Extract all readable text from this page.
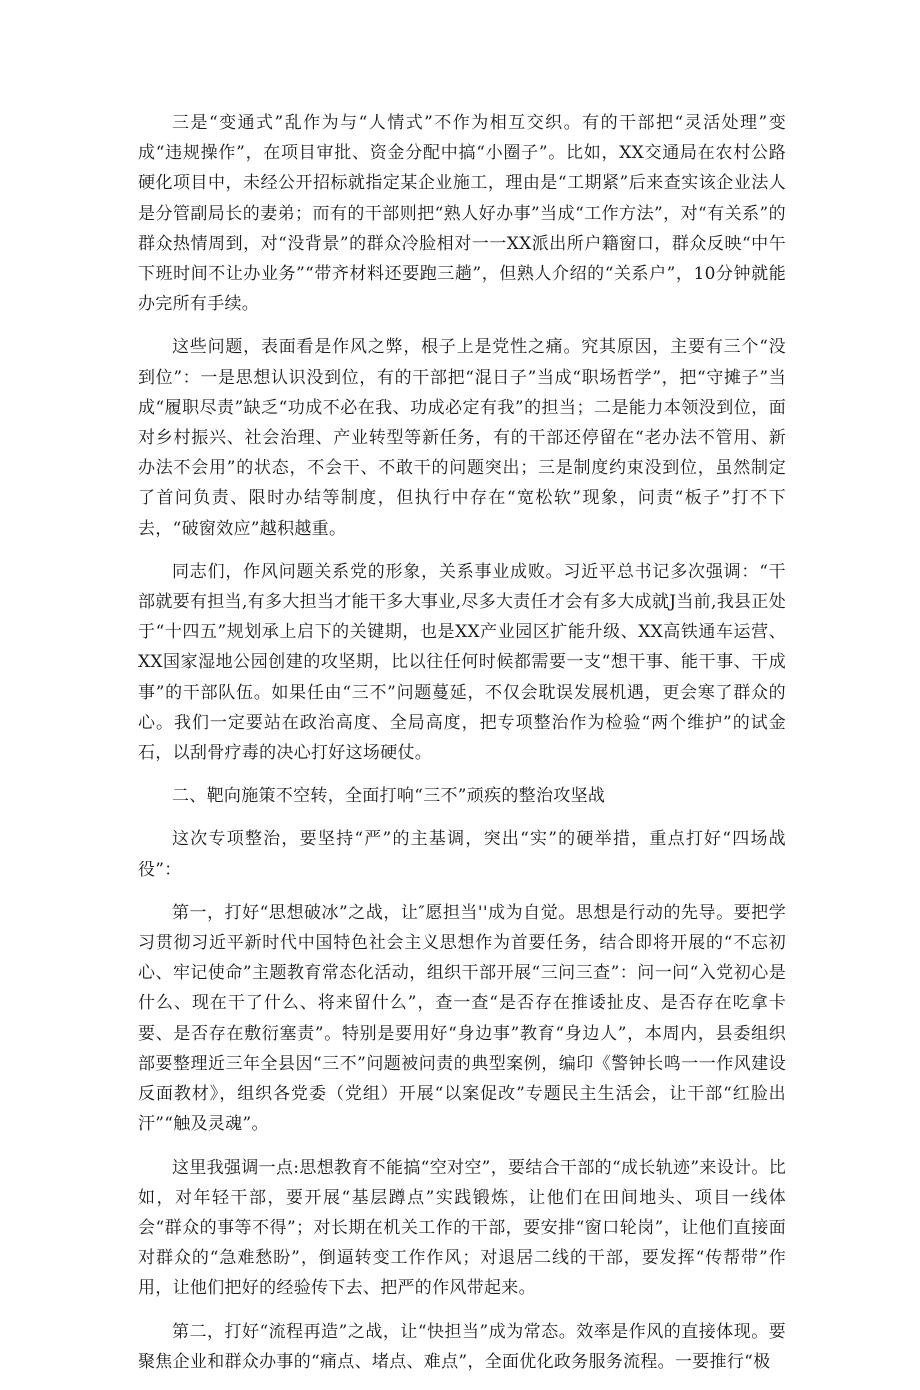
三是“变通式”乱作为与“人情式”不作为相互交织。有的干部把“灵活处理”变成“违规操作”，在项目审批、资金分配中搞“小圈子”。比如，XX交通局在农村公路硬化项目中，未经公开招标就指定某企业施工，理由是“工期紧”后来查实该企业法人是分管副局长的妻弟；而有的干部则把“熟人好办事”当成“工作方法”，对“有关系”的群众热情周到，对“没背景”的群众冷脸相对一一XX派出所户籍窗口，群众反映“中午下班时间不让办业务”“带齐材料还要跑三趟”，但熟人介绍的“关系户”，10分钟就能办完所有手续。

这些问题，表面看是作风之弊，根子上是党性之痛。究其原因，主要有三个“没到位”：一是思想认识没到位，有的干部把“混日子”当成“职场哲学”，把“守摊子”当成“履职尽责”缺乏“功成不必在我、功成必定有我”的担当；二是能力本领没到位，面对乡村振兴、社会治理、产业转型等新任务，有的干部还停留在“老办法不管用、新办法不会用”的状态，不会干、不敢干的问题突出；三是制度约束没到位，虽然制定了首问负责、限时办结等制度，但执行中存在“宽松软”现象，问责“板子”打不下去，“破窗效应”越积越重。

同志们，作风问题关系党的形象，关系事业成败。习近平总书记多次强调：“干部就要有担当,有多大担当才能干多大事业,尽多大责任才会有多大成就J当前,我县正处于“十四五”规划承上启下的关键期，也是XX产业园区扩能升级、XX高铁通车运营、XX国家湿地公园创建的攻坚期，比以往任何时候都需要一支“想干事、能干事、干成事”的干部队伍。如果任由“三不”问题蔓延，不仅会耽误发展机遇，更会寒了群众的心。我们一定要站在政治高度、全局高度，把专项整治作为检验“两个维护”的试金石，以刮骨疗毒的决心打好这场硬仗。

二、靶向施策不空转，全面打响“三不”顽疾的整治攻坚战

这次专项整治，要坚持“严”的主基调，突出“实”的硬举措，重点打好“四场战役”：

第一，打好“思想破冰”之战，让″愿担当''成为自觉。思想是行动的先导。要把学习贯彻习近平新时代中国特色社会主义思想作为首要任务，结合即将开展的“不忘初心、牢记使命”主题教育常态化活动，组织干部开展“三问三查”：问一问“入党初心是什么、现在干了什么、将来留什么”，查一查“是否存在推诿扯皮、是否存在吃拿卡要、是否存在敷衍塞责”。特别是要用好“身边事”教育“身边人”，本周内，县委组织部要整理近三年全县因“三不”问题被问责的典型案例，编印《警钟长鸣一一作风建设反面教材》，组织各党委（党组）开展“以案促改”专题民主生活会，让干部“红脸出汗”“触及灵魂”。

这里我强调一点:思想教育不能搞“空对空”，要结合干部的“成长轨迹”来设计。比如，对年轻干部，要开展“基层蹲点”实践锻炼，让他们在田间地头、项目一线体会“群众的事等不得”；对长期在机关工作的干部，要安排“窗口轮岗”，让他们直接面对群众的“急难愁盼”，倒逼转变工作作风；对退居二线的干部，要发挥“传帮带”作用，让他们把好的经验传下去、把严的作风带起来。

第二，打好“流程再造”之战，让“快担当”成为常态。效率是作风的直接体现。要聚焦企业和群众办事的“痛点、堵点、难点”，全面优化政务服务流程。一要推行“极
